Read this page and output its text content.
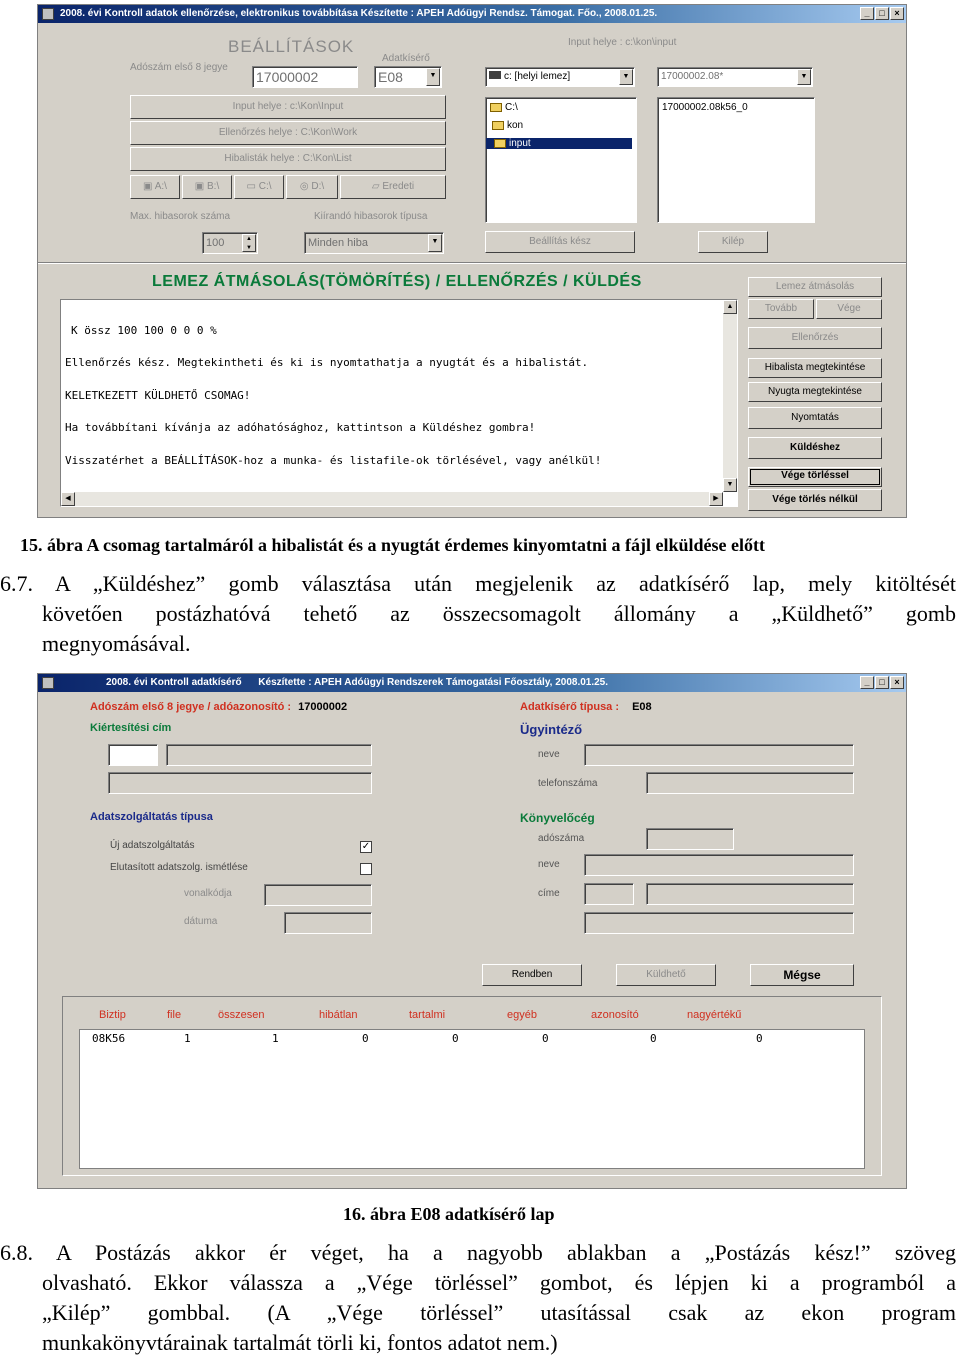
2008. évi Kontroll adatok ellenőrzése, elektronikus továbbítása Készítette : APEH Adóügyi Rendsz. Támogat. Főo., 2008.01.25.	_	□	×
BEÁLLÍTÁSOK
Adószám első 8 jegye
Adatkísérő
17000002	E08	▼
Input helye : c:\Kon\Input
Ellenőrzés helye : C:\Kon\Work
Hibalisták helye : C:\Kon\List
▣ A:\	▣ B:\	▭ C:\	◎ D:\	▱ Eredeti
Max. hibasorok száma	Kiírandó hibasorok típusa
100	▲
▼	Minden hiba	▼
Input helye : c:\kon\input
c: [helyi lemez]	▼	17000002.08*	▼
C:\
kon
input
17000002.08k56_0
Beállítás kész	Kilép
LEMEZ ÁTMÁSOLÁS(TÖMÖRÍTÉS) / ELLENŐRZÉS / KÜLDÉS
K össz 100 100 0 0 0 %
Ellenőrzés kész. Megtekintheti és ki is nyomtathatja a nyugtát és a hibalistát.
KELETKEZETT KÜLDHETŐ CSOMAG!
Ha továbbítani kívánja az adóhatósághoz, kattintson a Küldéshez gombra!
Visszatérhet a BEÁLLÍTÁSOK-hoz a munka- és listafile-ok törlésével, vagy anélkül!
▲
▼
◀	▶
Lemez átmásolás
Tovább	Vége
Ellenőrzés
Hibalista megtekintése
Nyugta megtekintése
Nyomtatás
Küldéshez
Vége törléssel
Vége törlés nélkül
15. ábra A csomag tartalmáról a hibalistát és a nyugtát érdemes kinyomtatni a fájl elküldése előtt
6.7. A „Küldéshez” gomb választása után megjelenik az adatkísérő lap, mely kitöltését
követően postázhatóvá tehető az összecsomagolt állomány a „Küldhető” gomb
megnyomásával.
2008. évi Kontroll adatkísérő      Készítette : APEH Adóügyi Rendszerek Támogatási Főosztály, 2008.01.25.	_	□	×
Adószám első 8 jegye / adóazonosító : 17000002	Adatkísérő típusa : E08
Kiértesítési cím	Ügyintéző
neve
telefonszáma
Adatszolgáltatás típusa
Új adatszolgáltatás	✓
Elutasított adatszolg. ismétlése
vonalkódja
dátuma
Könyvelőcég
adószáma
neve
címe
Rendben	Küldhető	Mégse
Biztip	file	összesen	hibátlan	tartalmi	egyéb	azonosító	nagyértékű
08K56	1	1	0	0	0	0	0
16. ábra E08 adatkísérő lap
6.8. A Postázás akkor ér véget, ha a nagyobb ablakban a „Postázás kész!” szöveg
olvasható. Ekkor válassza a „Vége törléssel” gombot, és lépjen ki a programból a
„Kilép” gombbal. (A „Vége törléssel” utasítással csak az ekon program
munkakönyvtárainak tartalmát törli ki, fontos adatot nem.)
